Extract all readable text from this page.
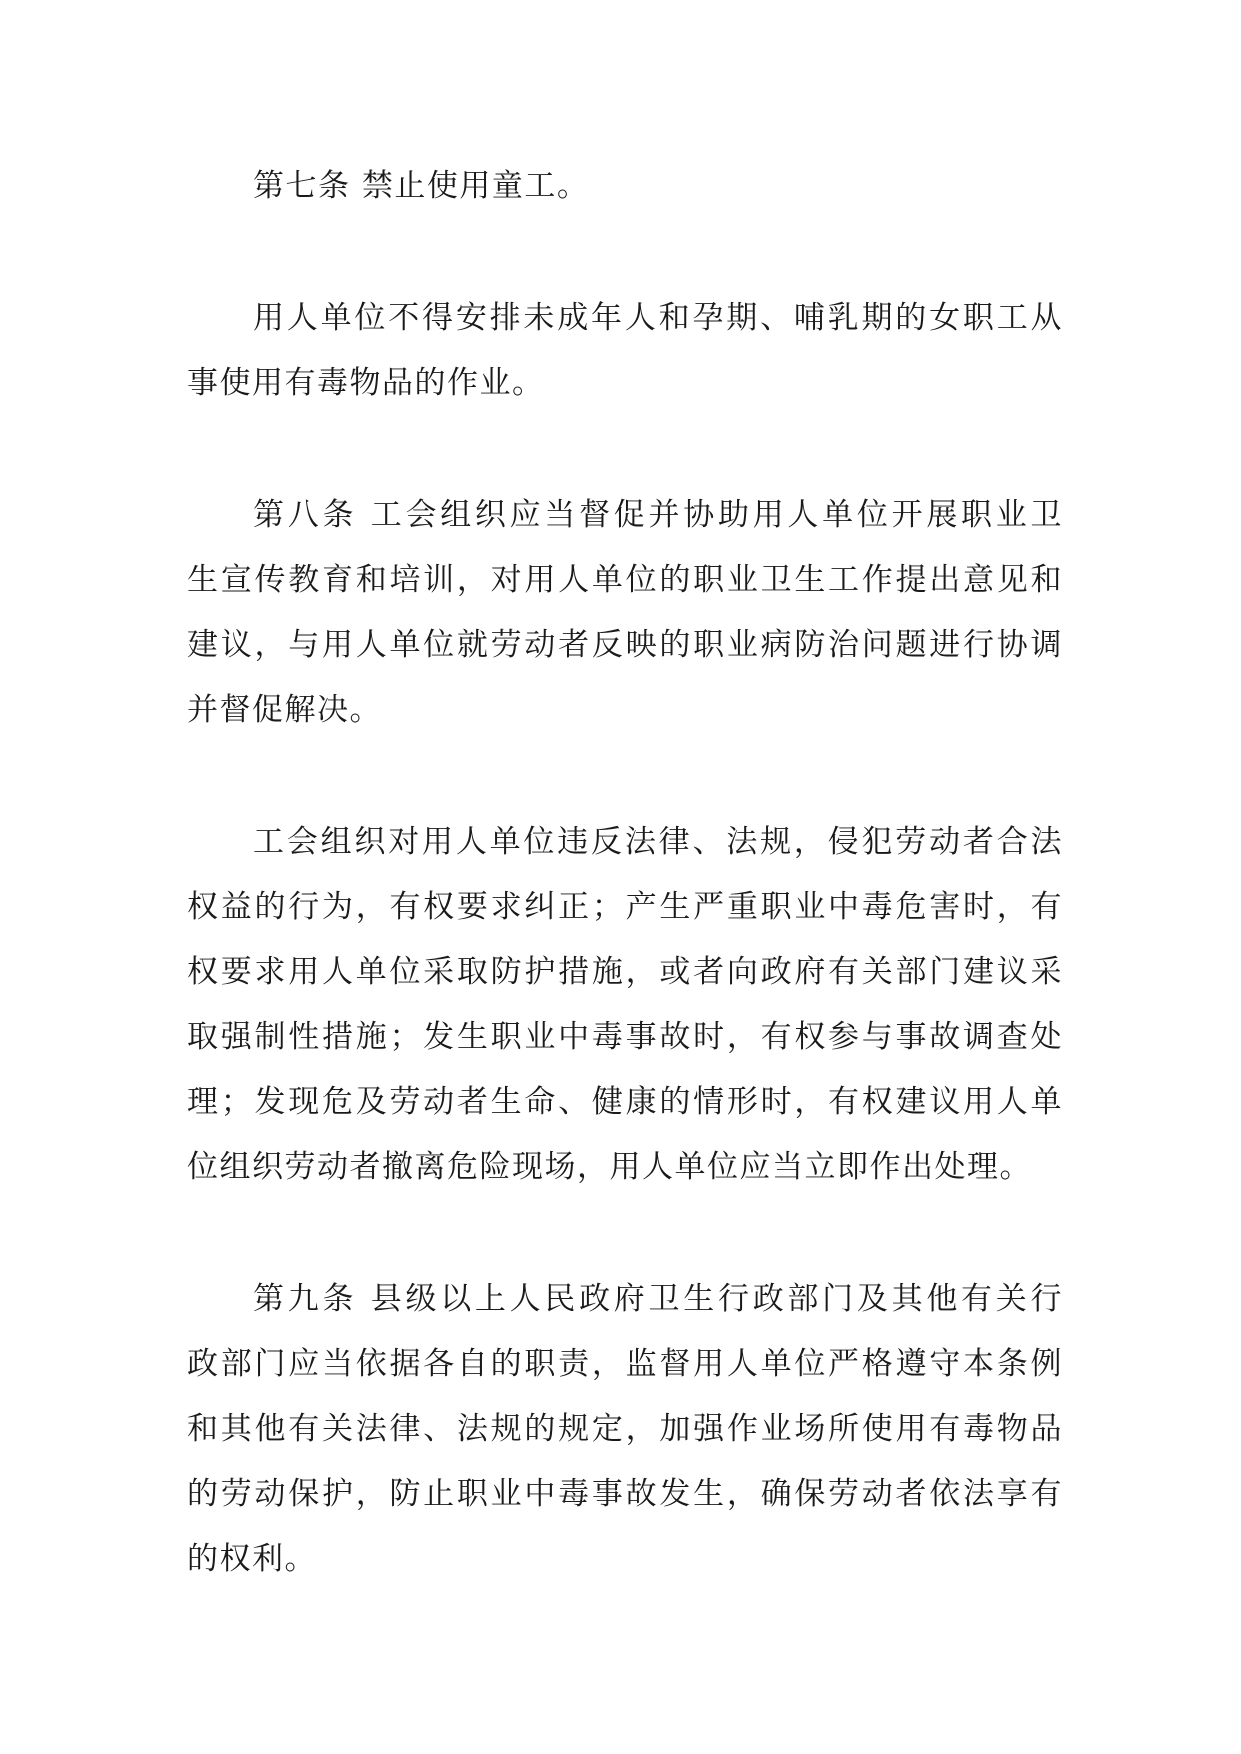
第七条 禁止使用童工。

用人单位不得安排未成年人和孕期、哺乳期的女职工从
事使用有毒物品的作业。

第八条 工会组织应当督促并协助用人单位开展职业卫
生宣传教育和培训，对用人单位的职业卫生工作提出意见和
建议，与用人单位就劳动者反映的职业病防治问题进行协调
并督促解决。

工会组织对用人单位违反法律、法规，侵犯劳动者合法
权益的行为，有权要求纠正；产生严重职业中毒危害时，有
权要求用人单位采取防护措施，或者向政府有关部门建议采
取强制性措施；发生职业中毒事故时，有权参与事故调查处
理；发现危及劳动者生命、健康的情形时，有权建议用人单
位组织劳动者撤离危险现场，用人单位应当立即作出处理。

第九条 县级以上人民政府卫生行政部门及其他有关行
政部门应当依据各自的职责，监督用人单位严格遵守本条例
和其他有关法律、法规的规定，加强作业场所使用有毒物品
的劳动保护，防止职业中毒事故发生，确保劳动者依法享有
的权利。
